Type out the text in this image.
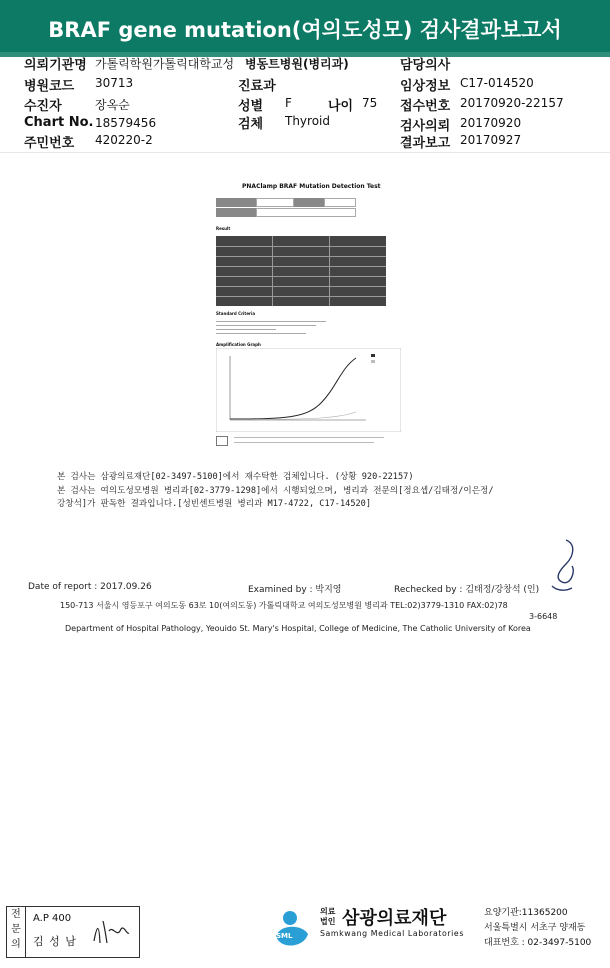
BRAF gene mutation(여의도성모) 검사결과보고서
의뢰기관명 가톨릭학원가톨릭대학교성 병동트병원(병리과)	담당의사
병원코드 30713	진료과	임상정보 C17-014520
수진자	장옥순	성별 F	나이 75 접수번호 20170920-22157
Chart No. 18579456	검체 Thyroid	검사의뢰 20170920
주민번호 420220-2	결과보고 20170927
PNAClamp BRAF Mutation Detection Test
Result
Standard Criteria
Amplification Graph
본 검사는 삼광의료재단[02-3497-5100]에서 재수탁한 검체입니다. (상황 920-22157)
본 검사는 여의도성모병원 병리과[02-3779-1298]에서 시행되었으며, 병리과 전문의[정요셉/김태정/이은정/
강창석]가 판독한 결과입니다.[성빈센트병원 병리과 M17-4722, C17-14520]
Date of report : 2017.09.26	Examined by : 박지영	Rechecked by : 김태정/강창석 (인)
150-713 서울시 영등포구 여의도동 63로 10(여의도동) 가톨릭대학교 여의도성모병원 병리과 TEL:02)3779-1310 FAX:02)78
3-6648
Department of Hospital Pathology, Yeouido St. Mary's Hospital, College of Medicine, The Catholic University of Korea
전
문
의
A.P 400
김 성 남	SML
의료
법인 삼광의료재단
Samkwang Medical Laboratories
요양기관:11365200
서울특별시 서초구 양재동
대표번호 : 02-3497-5100
